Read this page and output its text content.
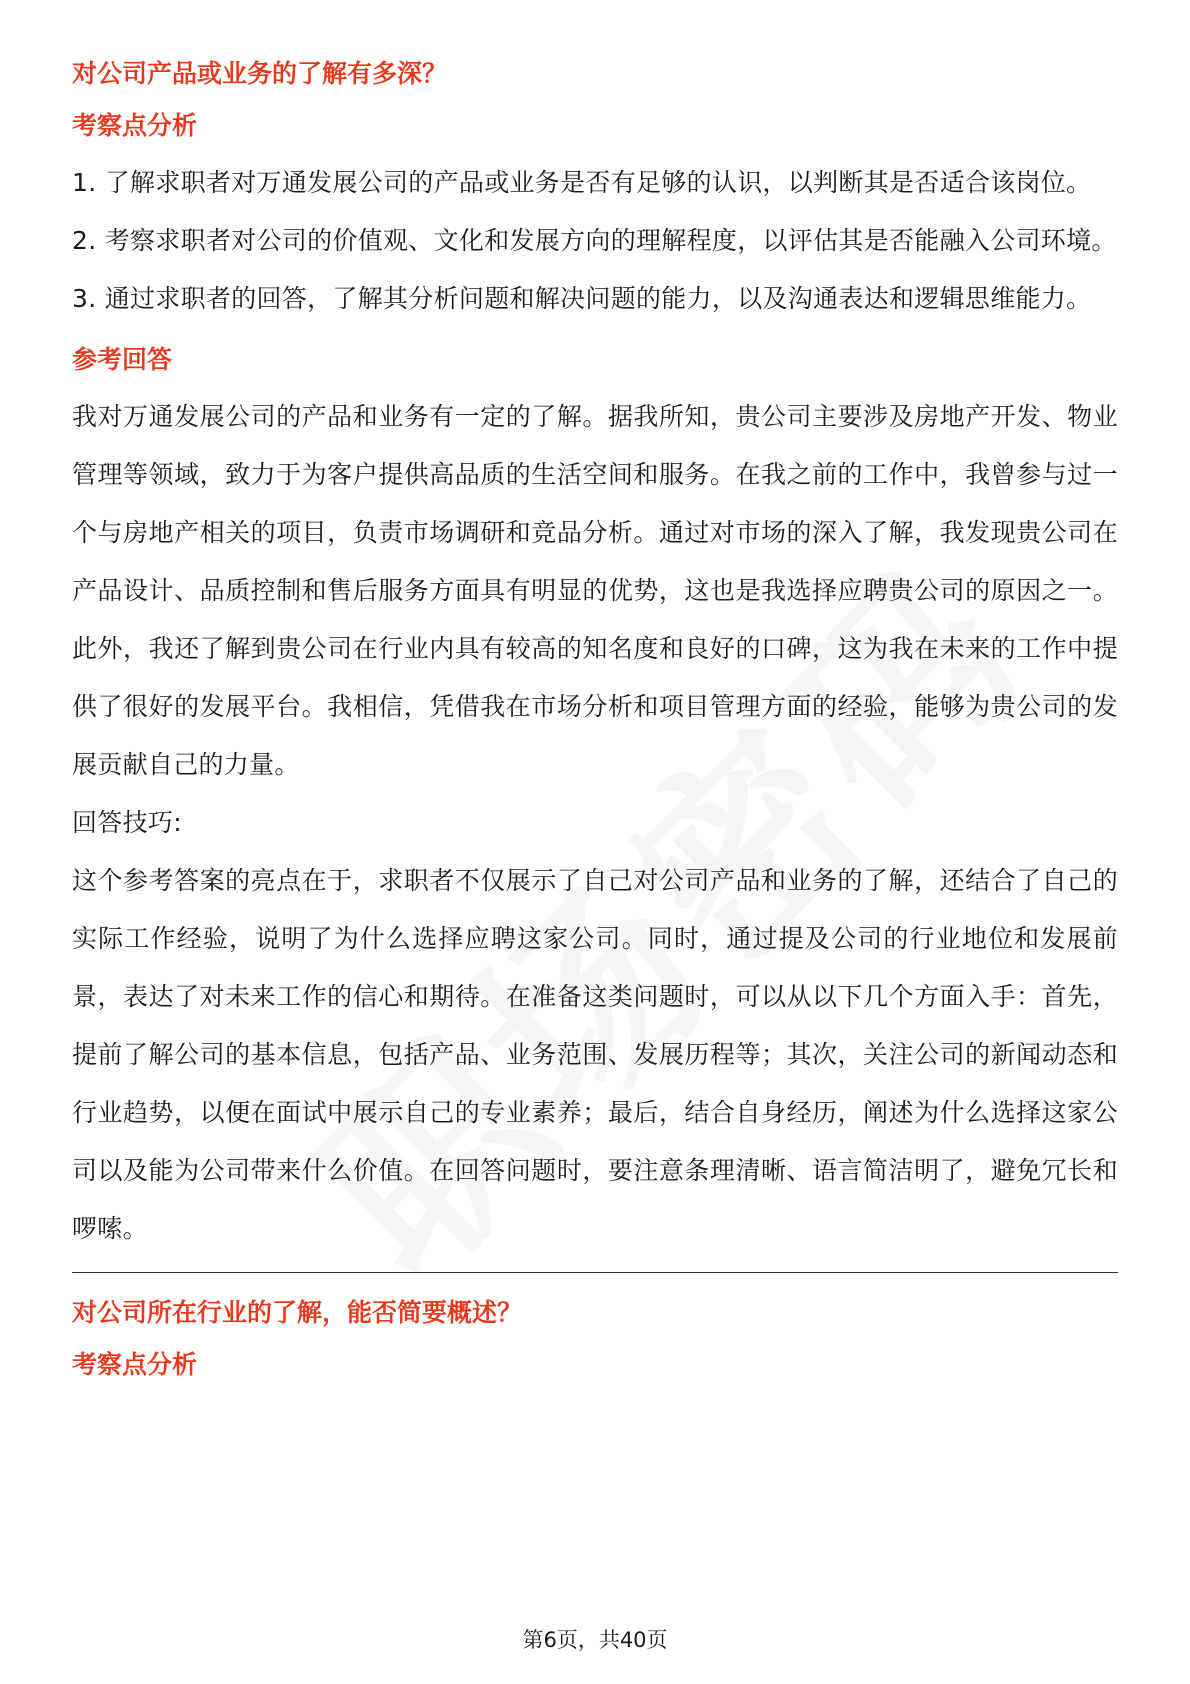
对公司产品或业务的了解有多深？

考察点分析

1. 了解求职者对万通发展公司的产品或业务是否有足够的认识，以判断其是否适合该岗位。

2. 考察求职者对公司的价值观、文化和发展方向的理解程度，以评估其是否能融入公司环境。

3. 通过求职者的回答，了解其分析问题和解决问题的能力，以及沟通表达和逻辑思维能力。

参考回答

我对万通发展公司的产品和业务有一定的了解。据我所知，贵公司主要涉及房地产开发、物业管理等领域，致力于为客户提供高品质的生活空间和服务。在我之前的工作中，我曾参与过一个与房地产相关的项目，负责市场调研和竞品分析。通过对市场的深入了解，我发现贵公司在产品设计、品质控制和售后服务方面具有明显的优势，这也是我选择应聘贵公司的原因之一。此外，我还了解到贵公司在行业内具有较高的知名度和良好的口碑，这为我在未来的工作中提供了很好的发展平台。我相信，凭借我在市场分析和项目管理方面的经验，能够为贵公司的发展贡献自己的力量。

回答技巧:

这个参考答案的亮点在于，求职者不仅展示了自己对公司产品和业务的了解，还结合了自己的实际工作经验，说明了为什么选择应聘这家公司。同时，通过提及公司的行业地位和发展前景，表达了对未来工作的信心和期待。在准备这类问题时，可以从以下几个方面入手：首先，提前了解公司的基本信息，包括产品、业务范围、发展历程等；其次，关注公司的新闻动态和行业趋势，以便在面试中展示自己的专业素养；最后，结合自身经历，阐述为什么选择这家公司以及能为公司带来什么价值。在回答问题时，要注意条理清晰、语言简洁明了，避免冗长和啰嗦。

对公司所在行业的了解，能否简要概述？

考察点分析

第6页，共40页
